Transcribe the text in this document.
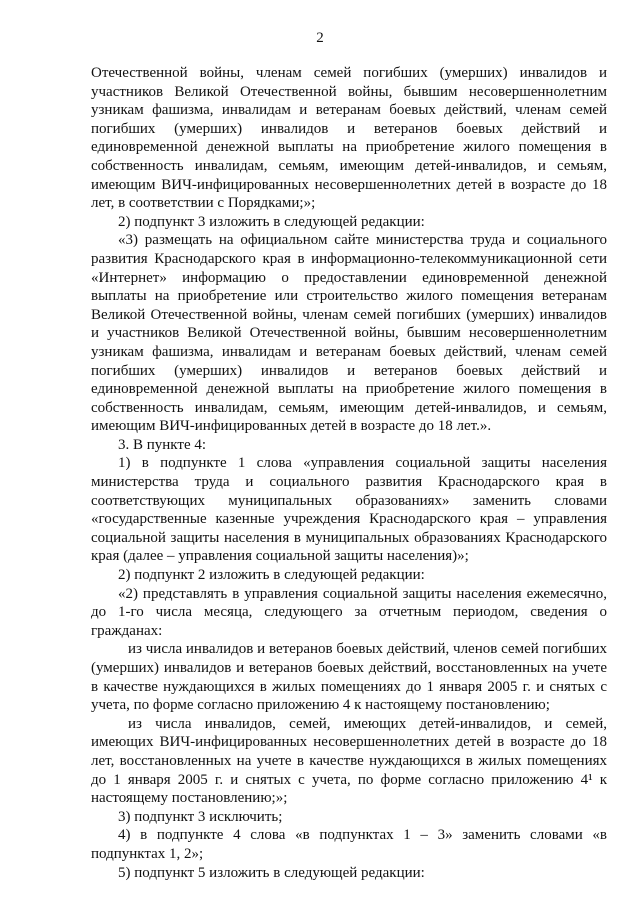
2

Отечественной войны, членам семей погибших (умерших) инвалидов и участников Великой Отечественной войны, бывшим несовершеннолетним узникам фашизма, инвалидам и ветеранам боевых действий, членам семей погибших (умерших) инвалидов и ветеранов боевых действий и единовременной денежной выплаты на приобретение жилого помещения в собственность инвалидам, семьям, имеющим детей-инвалидов, и семьям, имеющим ВИЧ-инфицированных несовершеннолетних детей в возрасте до 18 лет, в соответствии с Порядками;»;

2) подпункт 3 изложить в следующей редакции:

«3) размещать на официальном сайте министерства труда и социального развития Краснодарского края в информационно-телекоммуникационной сети «Интернет» информацию о предоставлении единовременной денежной выплаты на приобретение или строительство жилого помещения ветеранам Великой Отечественной войны, членам семей погибших (умерших) инвалидов и участников Великой Отечественной войны, бывшим несовершеннолетним узникам фашизма, инвалидам и ветеранам боевых действий, членам семей погибших (умерших) инвалидов и ветеранов боевых действий и единовременной денежной выплаты на приобретение жилого помещения в собственность инвалидам, семьям, имеющим детей-инвалидов, и семьям, имеющим ВИЧ-инфицированных детей в возрасте до 18 лет.».

3. В пункте 4:

1) в подпункте 1 слова «управления социальной защиты населения министерства труда и социального развития Краснодарского края в соответствующих муниципальных образованиях» заменить словами «государственные казенные учреждения Краснодарского края – управления социальной защиты населения в муниципальных образованиях Краснодарского края (далее – управления социальной защиты населения)»;

2) подпункт 2 изложить в следующей редакции:

«2) представлять в управления социальной защиты населения ежемесячно, до 1-го числа месяца, следующего за отчетным периодом, сведения о гражданах:

из числа инвалидов и ветеранов боевых действий, членов семей погибших (умерших) инвалидов и ветеранов боевых действий, восстановленных на учете в качестве нуждающихся в жилых помещениях до 1 января 2005 г. и снятых с учета, по форме согласно приложению 4 к настоящему постановлению;

из числа инвалидов, семей, имеющих детей-инвалидов, и семей, имеющих ВИЧ-инфицированных несовершеннолетних детей в возрасте до 18 лет, восстановленных на учете в качестве нуждающихся в жилых помещениях до 1 января 2005 г. и снятых с учета, по форме согласно приложению 4¹ к настоящему постановлению;»;

3) подпункт 3 исключить;

4) в подпункте 4 слова «в подпунктах 1 – 3» заменить словами «в подпунктах 1, 2»;

5) подпункт 5 изложить в следующей редакции:
